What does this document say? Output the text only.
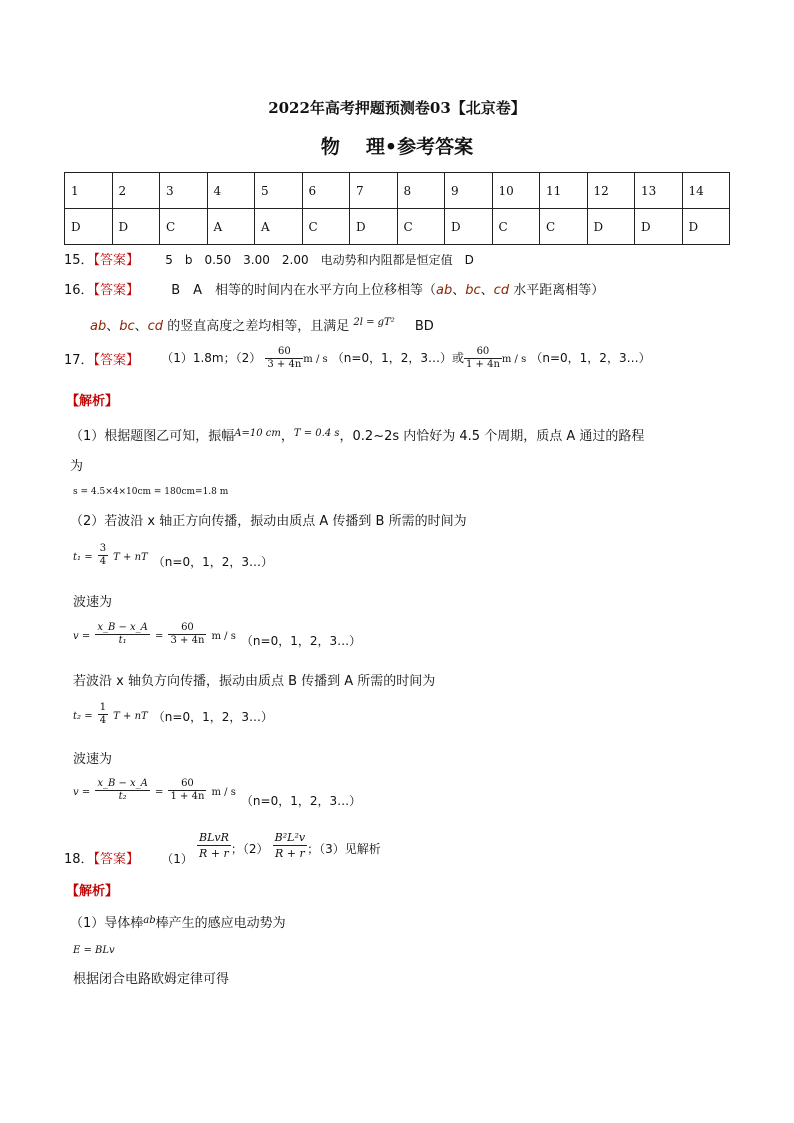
2022年高考押题预测卷03【北京卷】
物 理•参考答案
1	2	3	4	5	6	7	8	9	10	11	12	13	14
D	D	C	A	A	C	D	C	D	C	C	D	D	D
15．【答案】 5　b　0.50　3.00　2.00　电动势和内阻都是恒定值　D
16．【答案】 B　A　相等的时间内在水平方向上位移相等（ab、bc、cd 水平距离相等）
ab、bc、cd 的竖直高度之差均相等，且满足 $^{2l = gT^2}$ BD
17．【答案】 （1）1.8m；$(2) \frac{60}{3 + 4n}$ m / s （n=0，1，2，3…）或 $\frac{60}{1 + 4n}$ m / s （n=0，1，2，3…）
【解析】
（1）根据题图乙可知，振幅$^{A=10 cm}$，$^{T = 0.4 s}$，0.2~2s 内恰好为 4.5 个周期，质点 A 通过的路程
为
s = 4.5×4×10cm = 180cm=1.8 m
（2）若波沿 x 轴正方向传播，振动由质点 A 传播到 B 所需的时间为
$t_1 = \frac{3}{4}$ T + nT $_{(n=0,1,2,3\dots)}$
波速为
$v = \frac{x\_B - x\_A}{\text{t₁}} = \frac{60}{3 + 4n}$ m / s $_{(n=0,1,2,3\dots)}$
若波沿 x 轴负方向传播，振动由质点 B 传播到 A 所需的时间为
$t_2 = \frac{1}{4}$ T + nT （n=0，1，2，3…）
波速为
$v = \frac{x\_B - x\_A}{\text{t₂}} = \frac{60}{1 + 4n}$ m / s $_{(n=0,1,2,3\dots)}$
18．【答案】 $(1) \frac{\text{BLvR}}{R + r}$ ；$(2) \frac{\text{B²L²v}}{R + r}$ ；（3）见解析
【解析】
（1）导体棒$^{ab}$棒产生的感应电动势为
E = BLv
根据闭合电路欧姆定律可得
